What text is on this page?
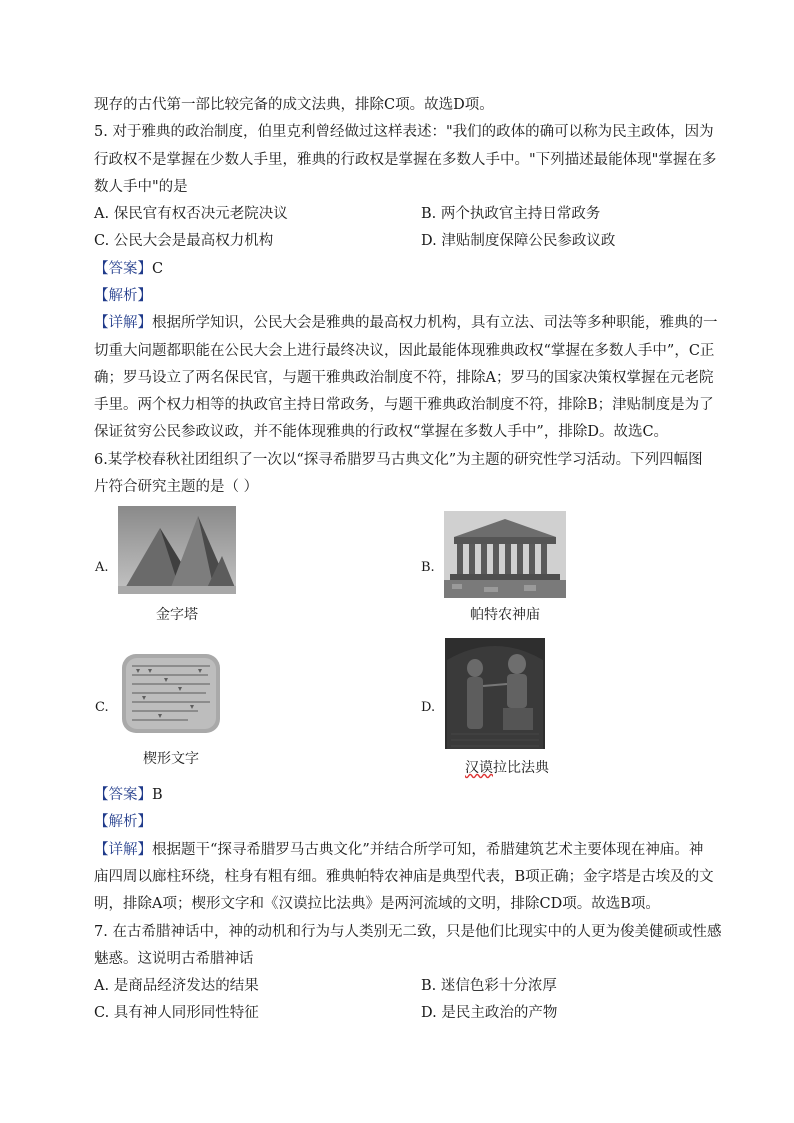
现存的古代第一部比较完备的成文法典，排除C项。故选D项。
5. 对于雅典的政治制度，伯里克利曾经做过这样表述："我们的政体的确可以称为民主政体，因为
行政权不是掌握在少数人手里，雅典的行政权是掌握在多数人手中。"下列描述最能体现"掌握在多
数人手中"的是
A. 保民官有权否决元老院决议	B. 两个执政官主持日常政务
C. 公民大会是最高权力机构	D. 津贴制度保障公民参政议政
【答案】C
【解析】
【详解】根据所学知识，公民大会是雅典的最高权力机构，具有立法、司法等多种职能，雅典的一
切重大问题都职能在公民大会上进行最终决议，因此最能体现雅典政权“掌握在多数人手中”，C正
确；罗马设立了两名保民官，与题干雅典政治制度不符，排除A；罗马的国家决策权掌握在元老院
手里。两个权力相等的执政官主持日常政务，与题干雅典政治制度不符，排除B；津贴制度是为了
保证贫穷公民参政议政，并不能体现雅典的行政权“掌握在多数人手中”，排除D。故选C。
6.某学校春秋社团组织了一次以“探寻希腊罗马古典文化”为主题的研究性学习活动。下列四幅图
片符合研究主题的是（ ）
A.
金字塔
B.
帕特农神庙
C.
楔形文字
D.
汉谟拉比法典
【答案】B
【解析】
【详解】根据题干“探寻希腊罗马古典文化”并结合所学可知，希腊建筑艺术主要体现在神庙。神
庙四周以廊柱环绕，柱身有粗有细。雅典帕特农神庙是典型代表，B项正确；金字塔是古埃及的文
明，排除A项；楔形文字和《汉谟拉比法典》是两河流域的文明，排除CD项。故选B项。
7. 在古希腊神话中，神的动机和行为与人类别无二致，只是他们比现实中的人更为俊美健硕或性感
魅惑。这说明古希腊神话
A. 是商品经济发达的结果	B. 迷信色彩十分浓厚
C. 具有神人同形同性特征	D. 是民主政治的产物
